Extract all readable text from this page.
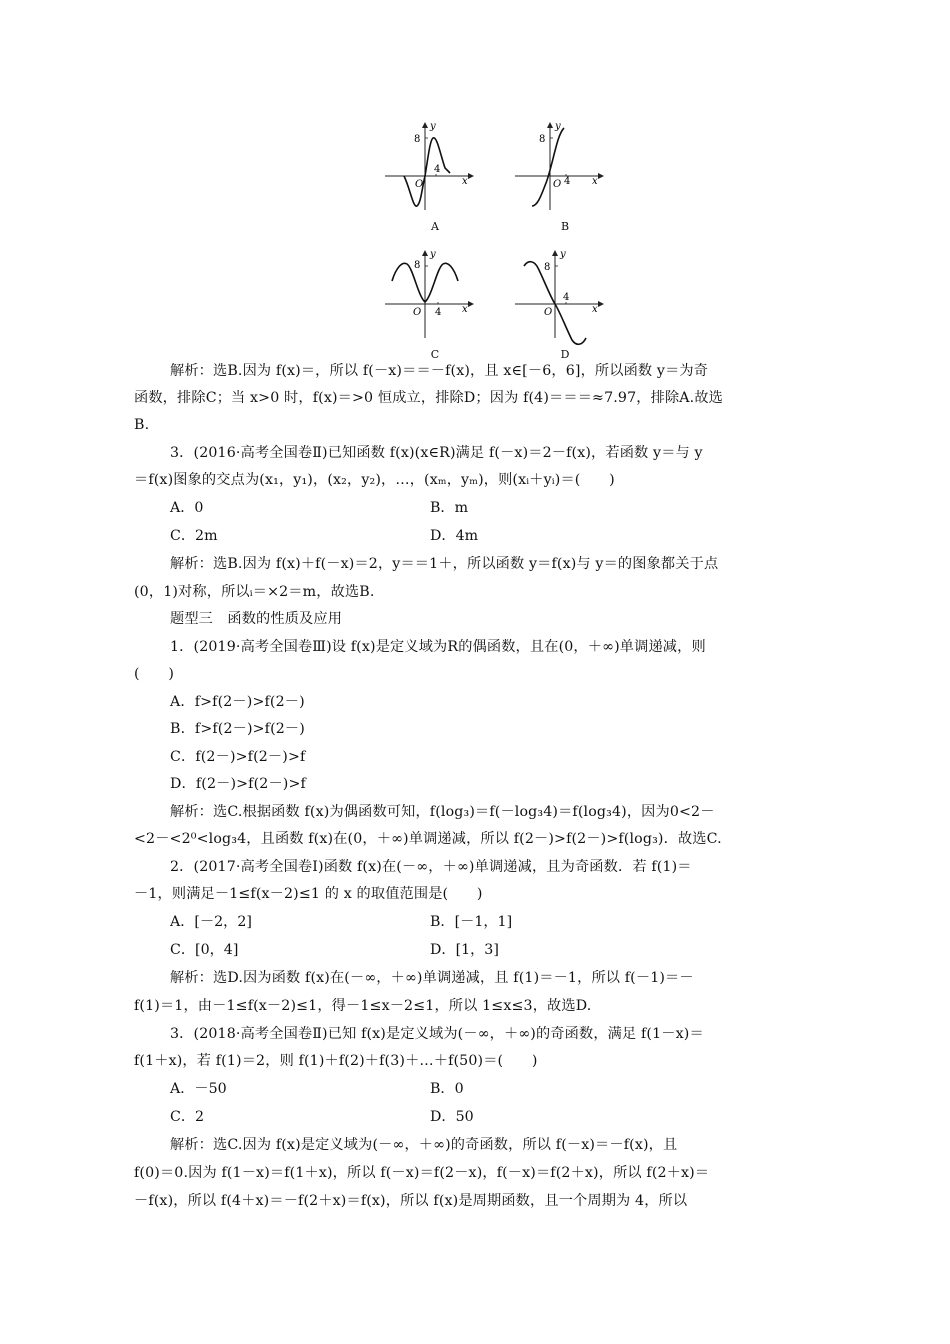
8
y
O
4
x
A
8
y
O 4 x
B
8
y
O 4 x
C
8
y
O
4
x
D
解析：选B.因为 f(x)＝，所以 f(－x)＝＝－f(x)，且 x∈[－6，6]，所以函数 y＝为奇
函数，排除C；当 x>0 时，f(x)＝>0 恒成立，排除D；因为 f(4)＝＝＝≈7.97，排除A.故选
B.
3．(2016·高考全国卷Ⅱ)已知函数 f(x)(x∈R)满足 f(－x)＝2－f(x)，若函数 y＝与 y
＝f(x)图象的交点为(x₁，y₁)，(x₂，y₂)，…，(xₘ，yₘ)，则(xᵢ＋yᵢ)＝(　　)
A．0	B．m
C．2m	D．4m
解析：选B.因为 f(x)＋f(－x)＝2，y＝＝1＋，所以函数 y＝f(x)与 y＝的图象都关于点
(0，1)对称，所以ᵢ＝×2＝m，故选B.
题型三　函数的性质及应用
1．(2019·高考全国卷Ⅲ)设 f(x)是定义域为R的偶函数，且在(0，＋∞)单调递减，则
(　　)
A．f>f(2－)>f(2－)
B．f>f(2－)>f(2－)
C．f(2－)>f(2－)>f
D．f(2－)>f(2－)>f
解析：选C.根据函数 f(x)为偶函数可知，f(log₃)＝f(－log₃4)＝f(log₃4)，因为0<2－
<2－<2⁰<log₃4，且函数 f(x)在(0，＋∞)单调递减，所以 f(2－)>f(2－)>f(log₃)．故选C.
2．(2017·高考全国卷Ⅰ)函数 f(x)在(－∞，＋∞)单调递减，且为奇函数．若 f(1)＝
－1，则满足－1≤f(x－2)≤1 的 x 的取值范围是(　　)
A．[－2，2]	B．[－1，1]
C．[0，4]	D．[1，3]
解析：选D.因为函数 f(x)在(－∞，＋∞)单调递减，且 f(1)＝－1，所以 f(－1)＝－
f(1)＝1，由－1≤f(x－2)≤1，得－1≤x－2≤1，所以 1≤x≤3，故选D.
3．(2018·高考全国卷Ⅱ)已知 f(x)是定义域为(－∞，＋∞)的奇函数，满足 f(1－x)＝
f(1＋x)，若 f(1)＝2，则 f(1)＋f(2)＋f(3)＋…＋f(50)＝(　　)
A．－50	B．0
C．2	D．50
解析：选C.因为 f(x)是定义域为(－∞，＋∞)的奇函数，所以 f(－x)＝－f(x)，且
f(0)＝0.因为 f(1－x)＝f(1＋x)，所以 f(－x)＝f(2－x)，f(－x)＝f(2＋x)，所以 f(2＋x)＝
－f(x)，所以 f(4＋x)＝－f(2＋x)＝f(x)，所以 f(x)是周期函数，且一个周期为 4，所以
